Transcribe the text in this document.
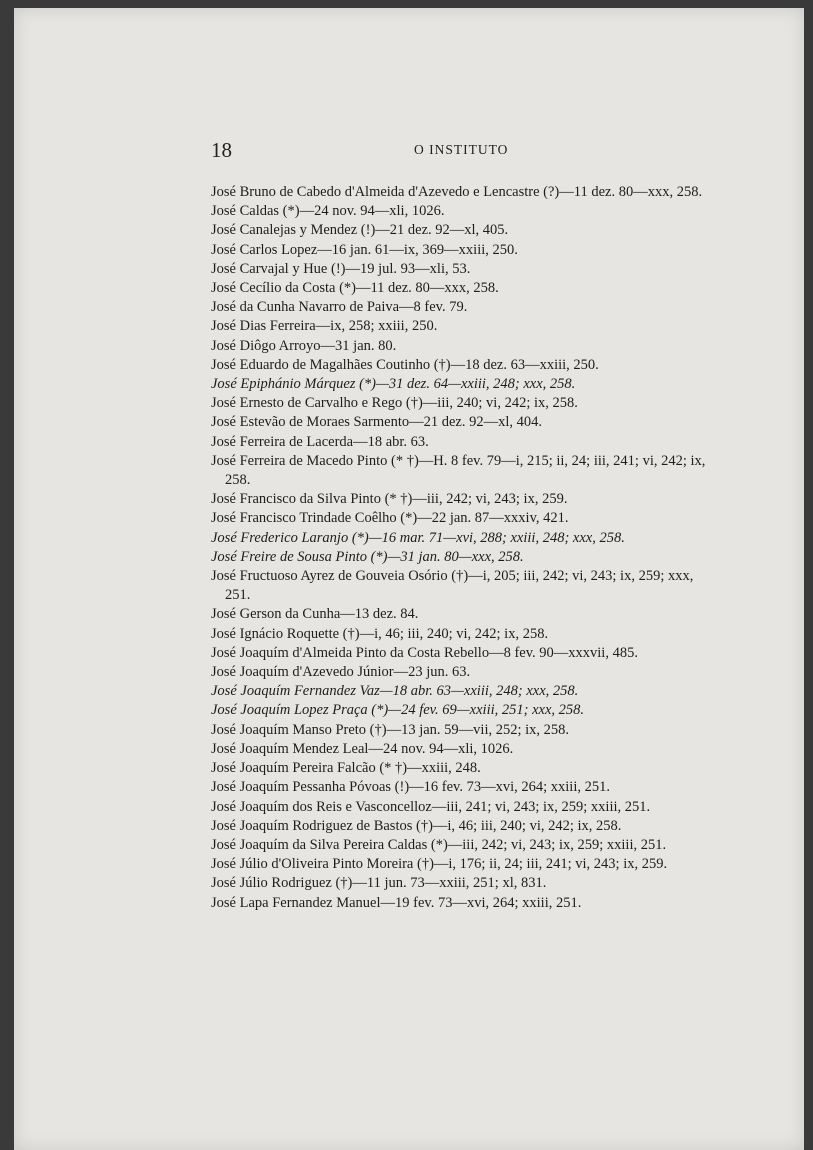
18	O INSTITUTO

José Bruno de Cabedo d'Almeida d'Azevedo e Lencastre (?)—11 dez. 80—xxx, 258.

José Caldas (*)—24 nov. 94—xli, 1026.

José Canalejas y Mendez (!)—21 dez. 92—xl, 405.

José Carlos Lopez—16 jan. 61—ix, 369—xxiii, 250.

José Carvajal y Hue (!)—19 jul. 93—xli, 53.

José Cecílio da Costa (*)—11 dez. 80—xxx, 258.

José da Cunha Navarro de Paiva—8 fev. 79.

José Dias Ferreira—ix, 258; xxiii, 250.

José Diôgo Arroyo—31 jan. 80.

José Eduardo de Magalhães Coutinho (†)—18 dez. 63—xxiii, 250.

José Epiphánio Márquez (*)—31 dez. 64—xxiii, 248; xxx, 258.

José Ernesto de Carvalho e Rego (†)—iii, 240; vi, 242; ix, 258.

José Estevão de Moraes Sarmento—21 dez. 92—xl, 404.

José Ferreira de Lacerda—18 abr. 63.

José Ferreira de Macedo Pinto (* †)—H. 8 fev. 79—i, 215; ii, 24; iii, 241; vi, 242; ix, 258.

José Francisco da Silva Pinto (* †)—iii, 242; vi, 243; ix, 259.

José Francisco Trindade Coêlho (*)—22 jan. 87—xxxiv, 421.

José Frederico Laranjo (*)—16 mar. 71—xvi, 288; xxiii, 248; xxx, 258.

José Freire de Sousa Pinto (*)—31 jan. 80—xxx, 258.

José Fructuoso Ayrez de Gouveia Osório (†)—i, 205; iii, 242; vi, 243; ix, 259; xxx, 251.

José Gerson da Cunha—13 dez. 84.

José Ignácio Roquette (†)—i, 46; iii, 240; vi, 242; ix, 258.

José Joaquím d'Almeida Pinto da Costa Rebello—8 fev. 90—xxxvii, 485.

José Joaquím d'Azevedo Júnior—23 jun. 63.

José Joaquím Fernandez Vaz—18 abr. 63—xxiii, 248; xxx, 258.

José Joaquím Lopez Praça (*)—24 fev. 69—xxiii, 251; xxx, 258.

José Joaquím Manso Preto (†)—13 jan. 59—vii, 252; ix, 258.

José Joaquím Mendez Leal—24 nov. 94—xli, 1026.

José Joaquím Pereira Falcão (* †)—xxiii, 248.

José Joaquím Pessanha Póvoas (!)—16 fev. 73—xvi, 264; xxiii, 251.

José Joaquím dos Reis e Vasconcelloz—iii, 241; vi, 243; ix, 259; xxiii, 251.

José Joaquím Rodriguez de Bastos (†)—i, 46; iii, 240; vi, 242; ix, 258.

José Joaquím da Silva Pereira Caldas (*)—iii, 242; vi, 243; ix, 259; xxiii, 251.

José Júlio d'Oliveira Pinto Moreira (†)—i, 176; ii, 24; iii, 241; vi, 243; ix, 259.

José Júlio Rodriguez (†)—11 jun. 73—xxiii, 251; xl, 831.

José Lapa Fernandez Manuel—19 fev. 73—xvi, 264; xxiii, 251.
